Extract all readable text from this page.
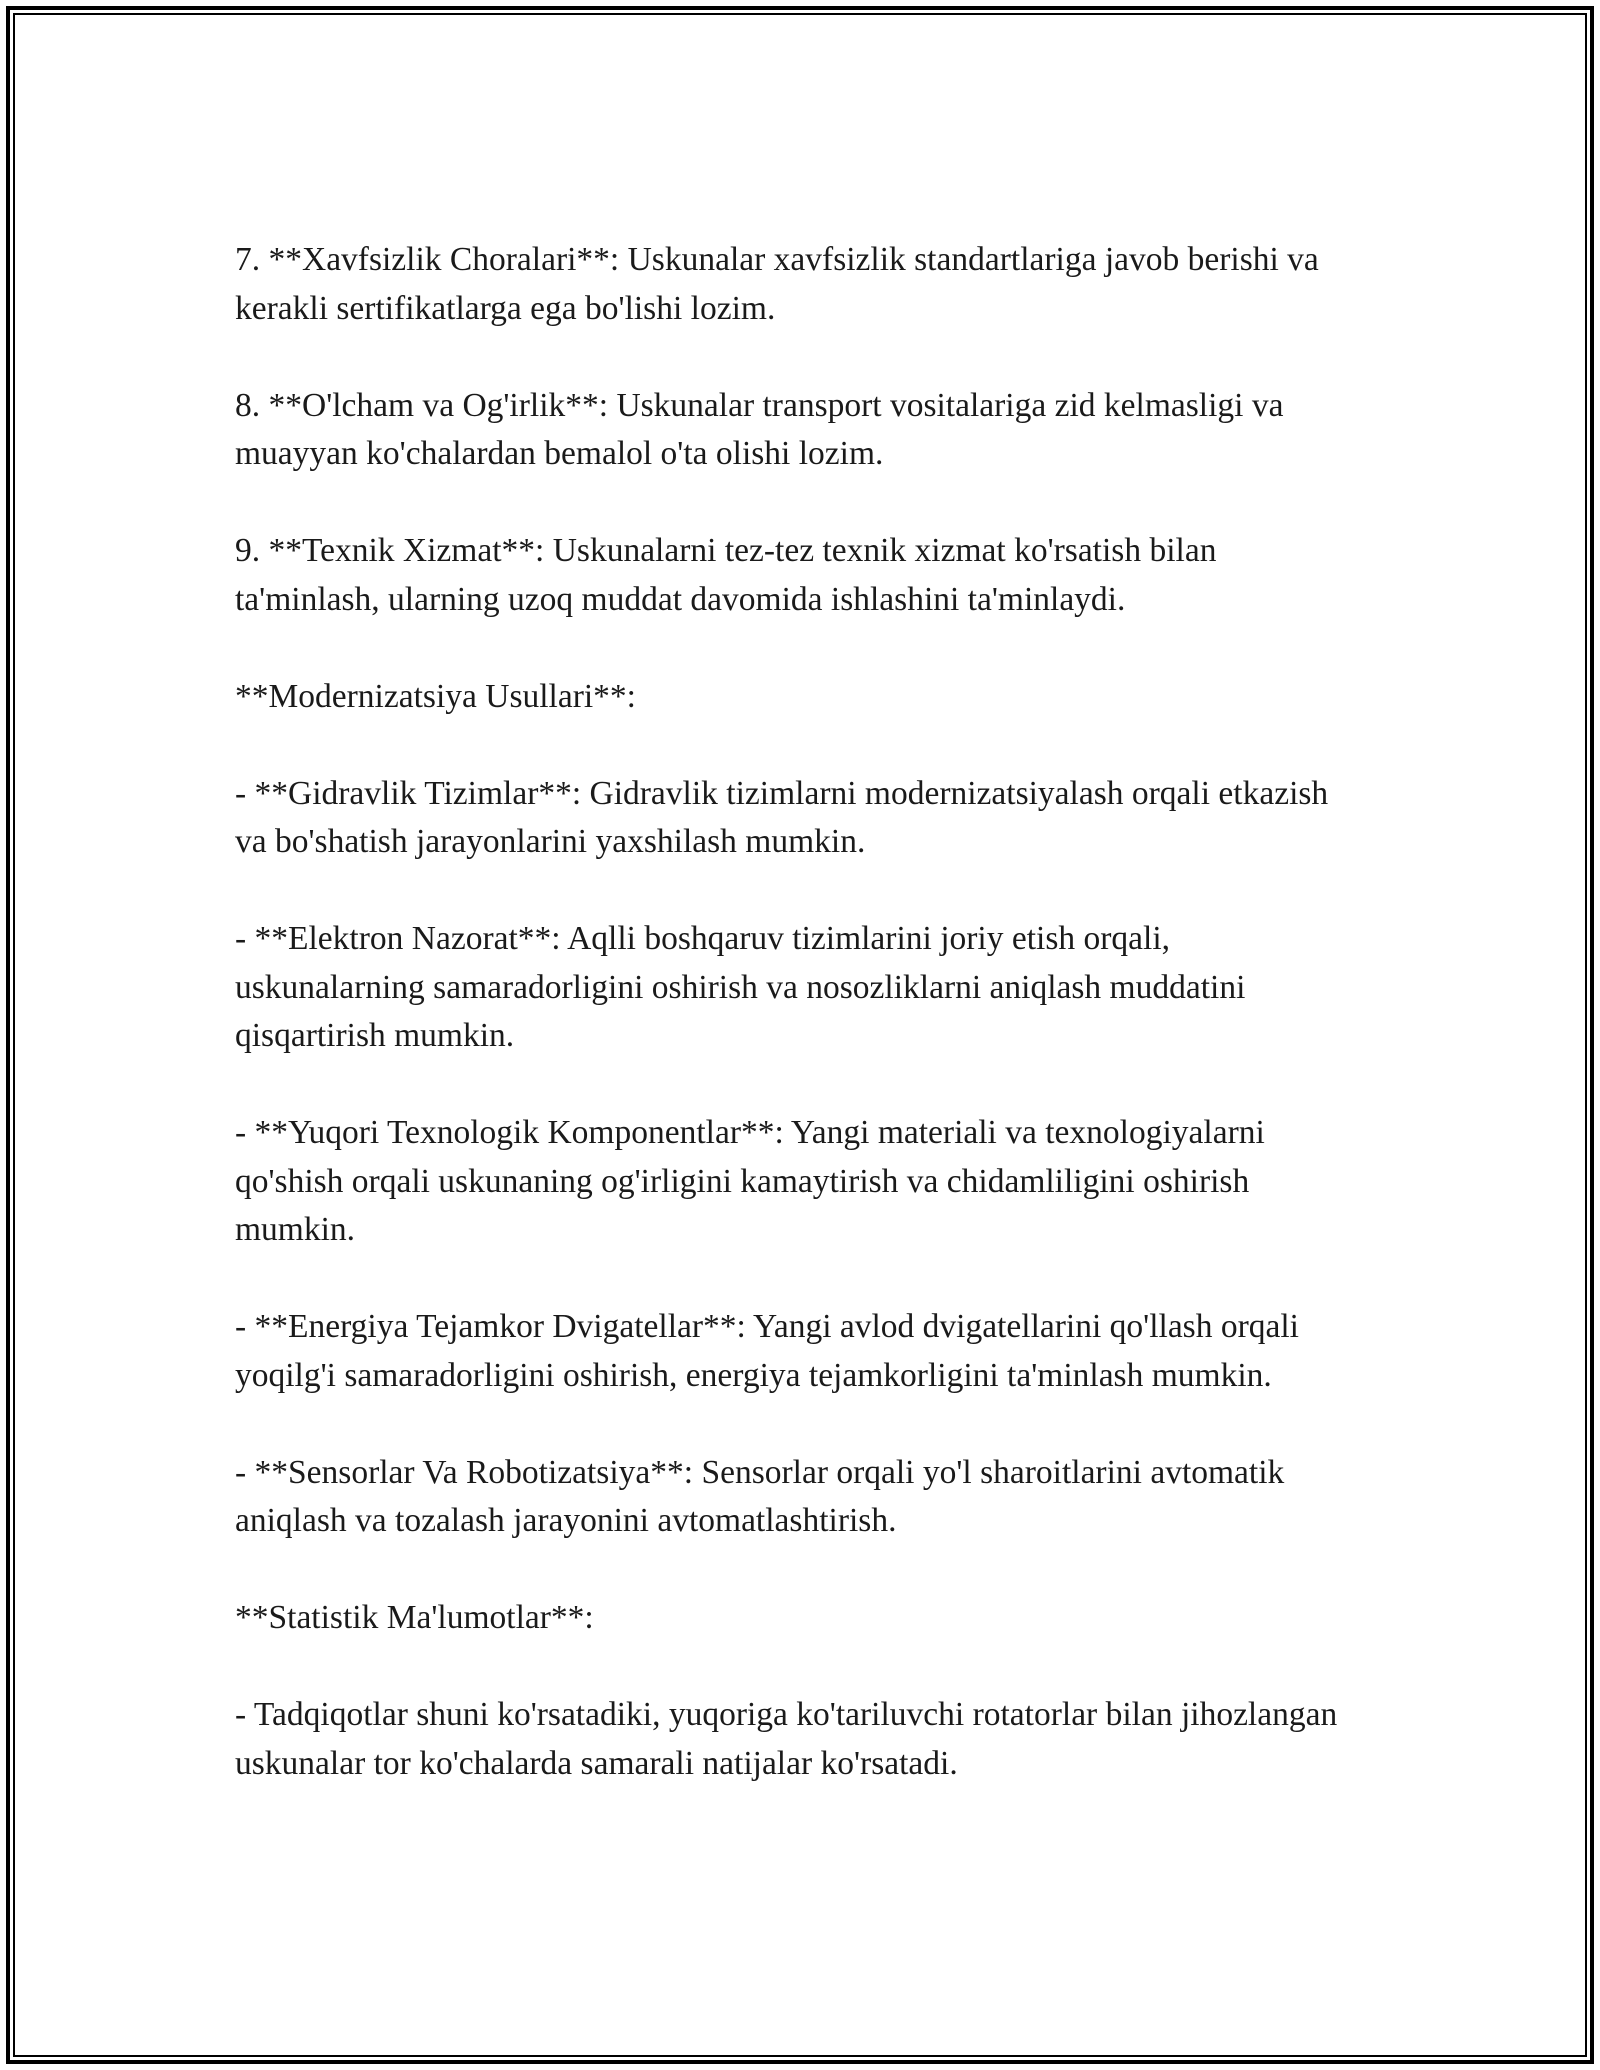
7. **Xavfsizlik Choralari**: Uskunalar xavfsizlik standartlariga javob berishi va kerakli sertifikatlarga ega bo'lishi lozim.

8. **O'lcham va Og'irlik**: Uskunalar transport vositalariga zid kelmasligi va muayyan ko'chalardan bemalol o'ta olishi lozim.

9. **Texnik Xizmat**: Uskunalarni tez-tez texnik xizmat ko'rsatish bilan ta'minlash, ularning uzoq muddat davomida ishlashini ta'minlaydi.

**Modernizatsiya Usullari**:

- **Gidravlik Tizimlar**: Gidravlik tizimlarni modernizatsiyalash orqali etkazish va bo'shatish jarayonlarini yaxshilash mumkin.

- **Elektron Nazorat**: Aqlli boshqaruv tizimlarini joriy etish orqali, uskunalarning samaradorligini oshirish va nosozliklarni aniqlash muddatini qisqartirish mumkin.

- **Yuqori Texnologik Komponentlar**: Yangi materiali va texnologiyalarni qo'shish orqali uskunaning og'irligini kamaytirish va chidamliligini oshirish mumkin.

- **Energiya Tejamkor Dvigatellar**: Yangi avlod dvigatellarini qo'llash orqali yoqilg'i samaradorligini oshirish, energiya tejamkorligini ta'minlash mumkin.

- **Sensorlar Va Robotizatsiya**: Sensorlar orqali yo'l sharoitlarini avtomatik aniqlash va tozalash jarayonini avtomatlashtirish.

**Statistik Ma'lumotlar**:

- Tadqiqotlar shuni ko'rsatadiki, yuqoriga ko'tariluvchi rotatorlar bilan jihozlangan uskunalar tor ko'chalarda samarali natijalar ko'rsatadi.
